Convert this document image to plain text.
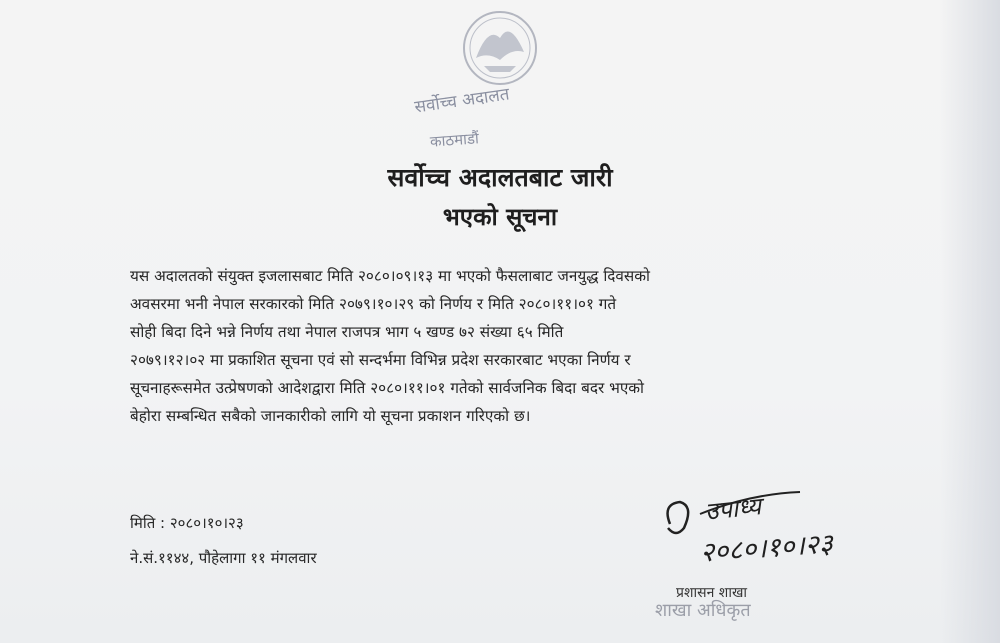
सर्वोच्च अदालत
काठमाडौं
सर्वोच्च अदालतबाट जारी
भएको सूचना
यस अदालतको संयुक्त इजलासबाट मिति २०८०।०९।१३ मा भएको फैसलाबाट जनयुद्ध दिवसको
अवसरमा भनी नेपाल सरकारको मिति २०७९।१०।२९ को निर्णय र मिति २०८०।११।०१ गते
सोही बिदा दिने भन्ने निर्णय तथा नेपाल राजपत्र भाग ५ खण्ड ७२ संख्या ६५ मिति
२०७९।१२।०२ मा प्रकाशित सूचना एवं सो सन्दर्भमा विभिन्न प्रदेश सरकारबाट भएका निर्णय र
सूचनाहरूसमेत उत्प्रेषणको आदेशद्वारा मिति २०८०।११।०१ गतेको सार्वजनिक बिदा बदर भएको
बेहोरा सम्बन्धित सबैको जानकारीको लागि यो सूचना प्रकाशन गरिएको छ।
मिति : २०८०।१०।२३
ने.सं.११४४, पौहेलागा ११ मंगलवार
उपाध्य
२०८०।१०।२३
प्रशासन शाखा
शाखा अधिकृत
